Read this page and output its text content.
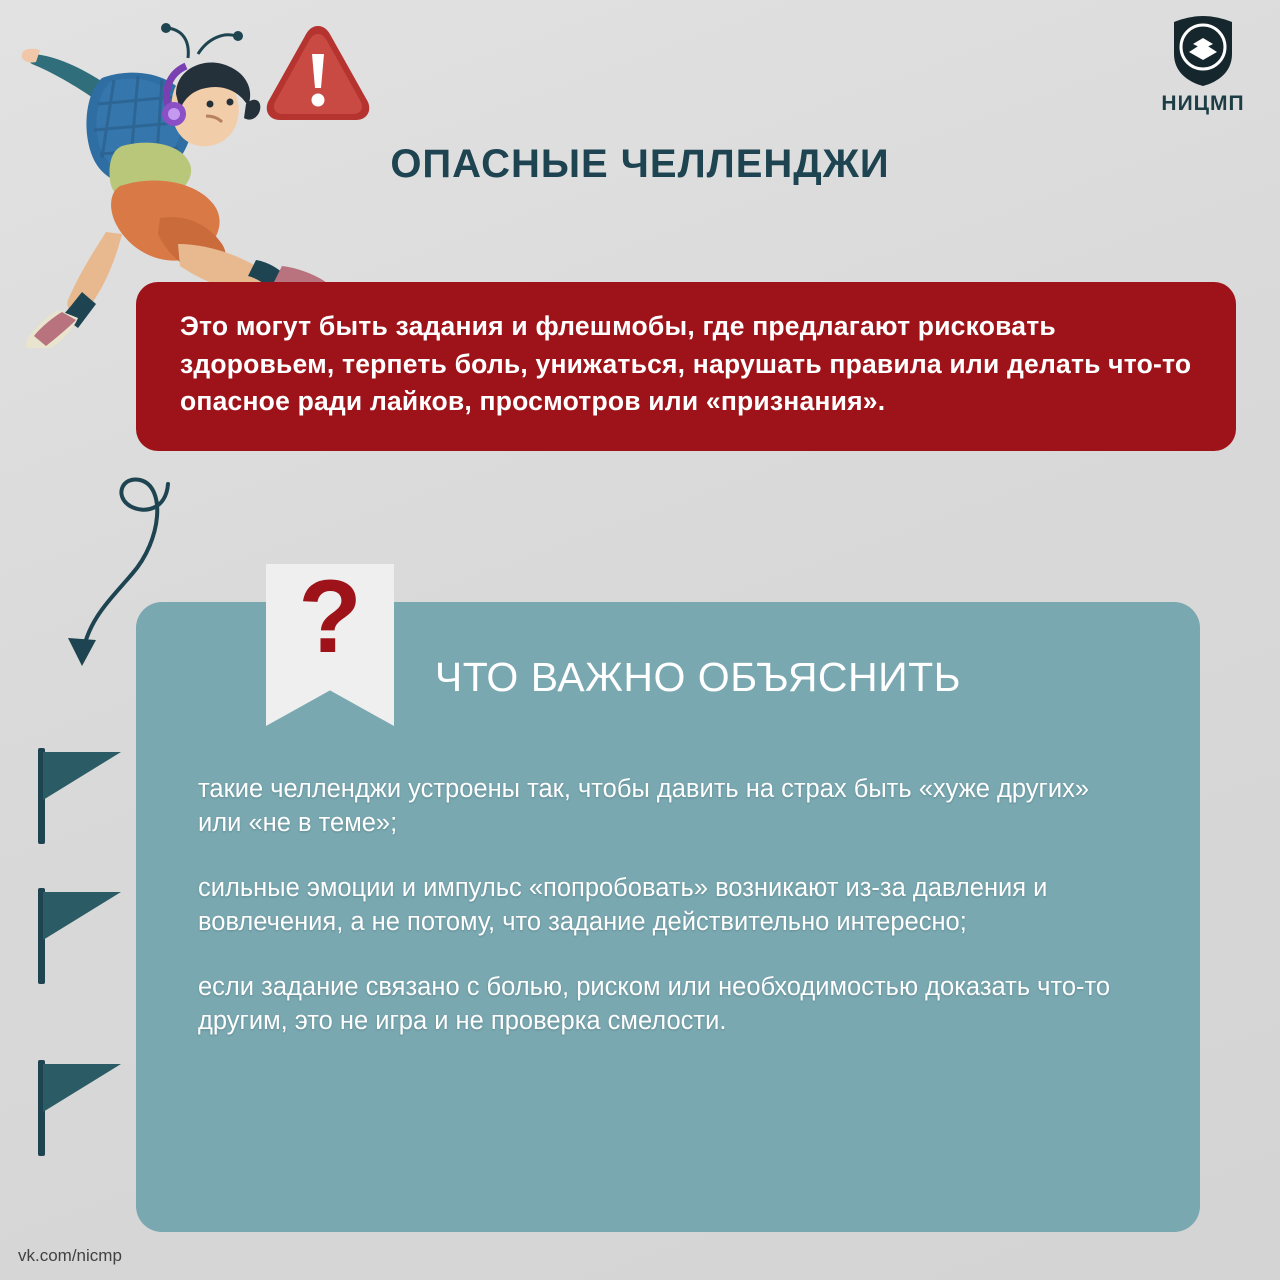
НИЦМП
ОПАСНЫЕ ЧЕЛЛЕНДЖИ

Это могут быть задания и флешмобы, где предлагают рисковать здоровьем, терпеть боль, унижаться, нарушать правила или делать что-то опасное ради лайков, просмотров или «признания».

?
ЧТО ВАЖНО ОБЪЯСНИТЬ
такие челленджи устроены так, чтобы давить на страх быть «хуже других» или «не в теме»;
сильные эмоции и импульс «попробовать» возникают из-за давления и вовлечения, а не потому, что задание действительно интересно;
если задание связано с болью, риском или необходимостью доказать что-то другим, это не игра и не проверка смелости.
vk.com/nicmp
